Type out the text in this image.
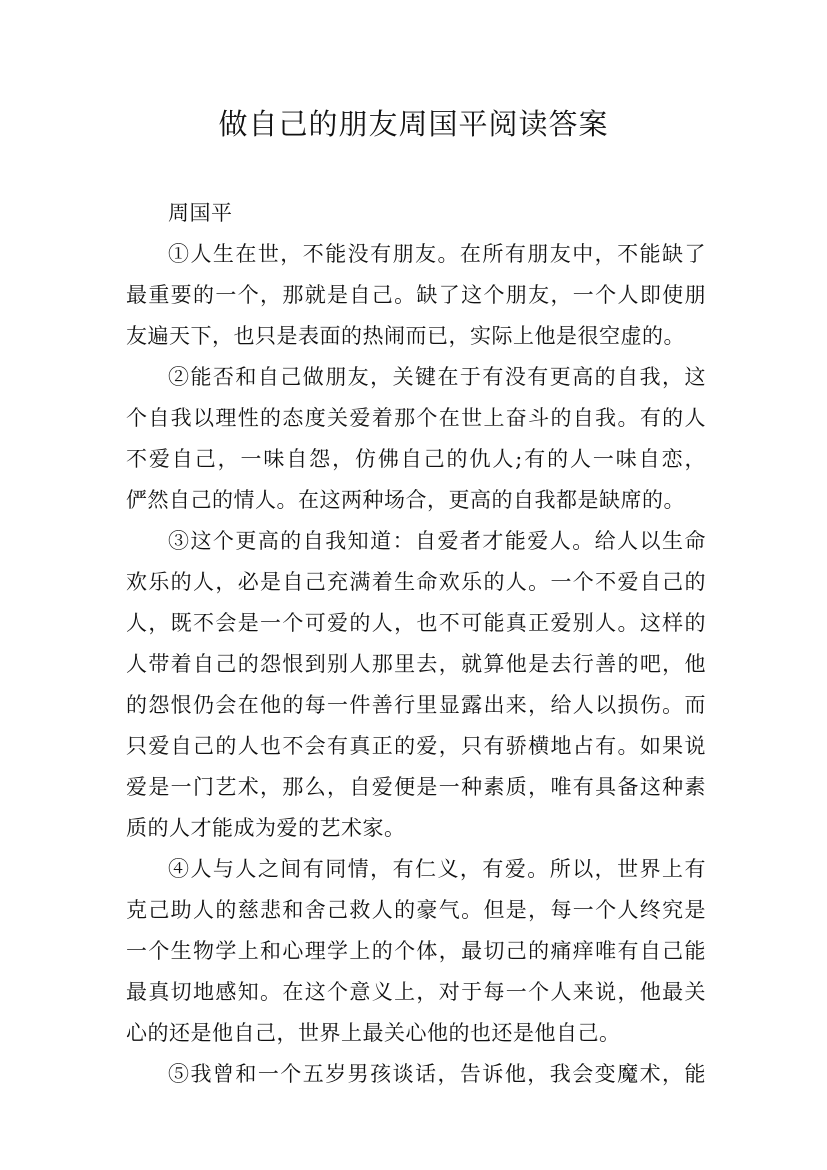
做自己的朋友周国平阅读答案
周国平
①人生在世，不能没有朋友。在所有朋友中，不能缺了
最重要的一个，那就是自己。缺了这个朋友，一个人即使朋
友遍天下，也只是表面的热闹而已，实际上他是很空虚的。
②能否和自己做朋友，关键在于有没有更高的自我，这
个自我以理性的态度关爱着那个在世上奋斗的自我。有的人
不爱自己，一味自怨，仿佛自己的仇人;有的人一味自恋，
俨然自己的情人。在这两种场合，更高的自我都是缺席的。
③这个更高的自我知道：自爱者才能爱人。给人以生命
欢乐的人，必是自己充满着生命欢乐的人。一个不爱自己的
人，既不会是一个可爱的人，也不可能真正爱别人。这样的
人带着自己的怨恨到别人那里去，就算他是去行善的吧，他
的怨恨仍会在他的每一件善行里显露出来，给人以损伤。而
只爱自己的人也不会有真正的爱，只有骄横地占有。如果说
爱是一门艺术，那么，自爱便是一种素质，唯有具备这种素
质的人才能成为爱的艺术家。
④人与人之间有同情，有仁义，有爱。所以，世界上有
克己助人的慈悲和舍己救人的豪气。但是，每一个人终究是
一个生物学上和心理学上的个体，最切己的痛痒唯有自己能
最真切地感知。在这个意义上，对于每一个人来说，他最关
心的还是他自己，世界上最关心他的也还是他自己。
⑤我曾和一个五岁男孩谈话，告诉他，我会变魔术，能
